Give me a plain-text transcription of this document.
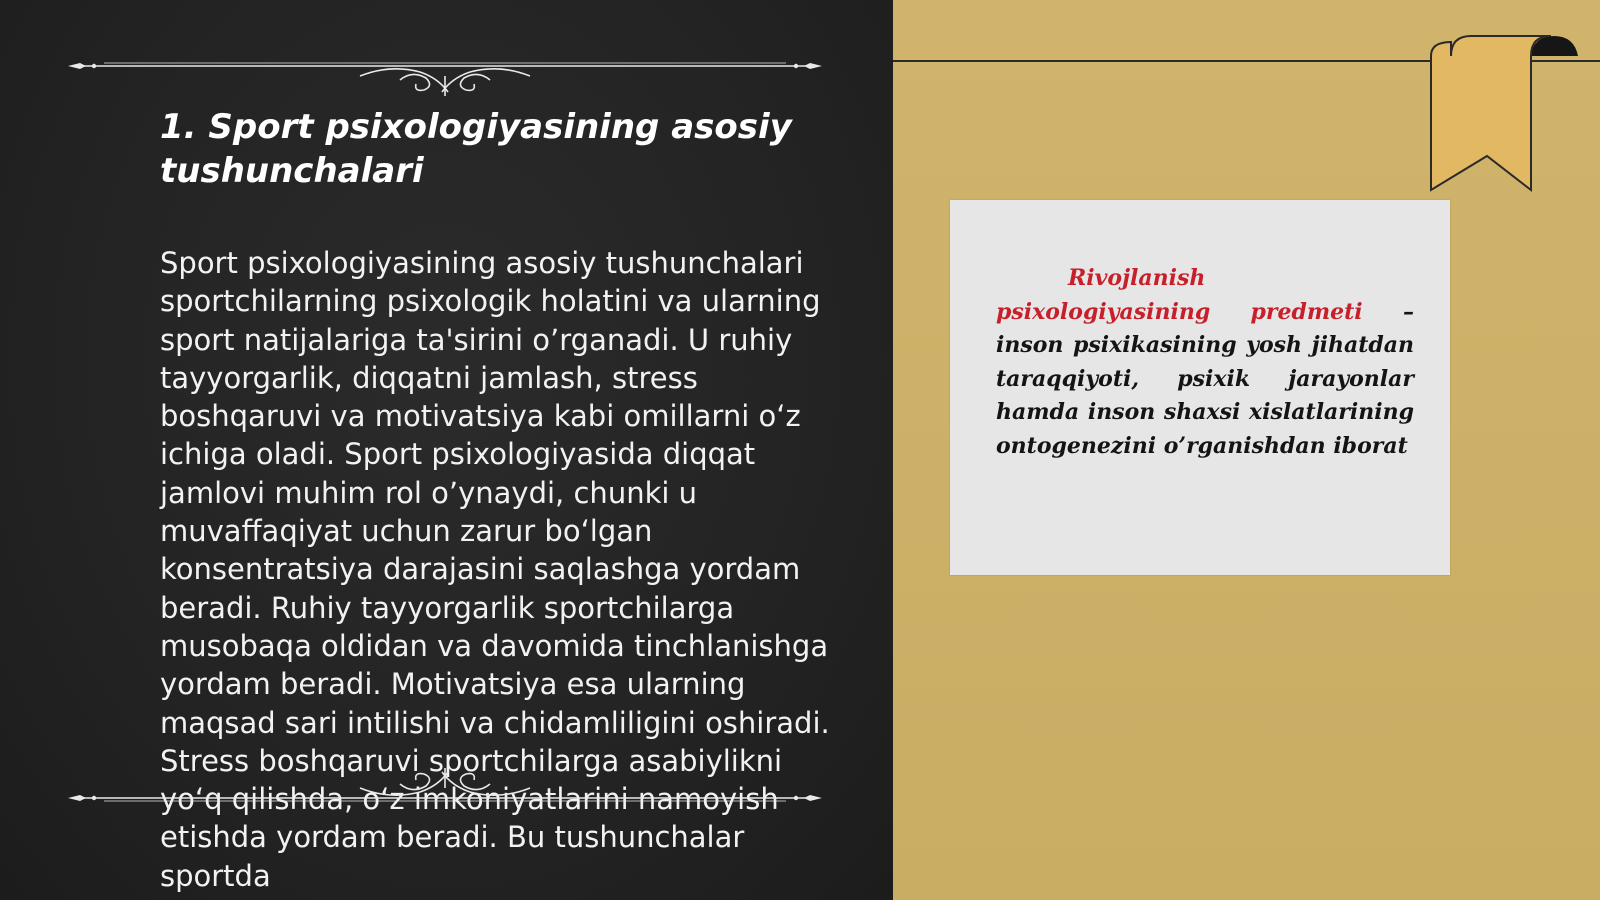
1. Sport psixologiyasining asosiy tushunchalari

Sport psixologiyasining asosiy tushunchalari sportchilarning psixologik holatini va ularning sport natijalariga ta'sirini o’rganadi. U ruhiy tayyorgarlik, diqqatni jamlash, stress boshqaruvi va motivatsiya kabi omillarni o‘z ichiga oladi. Sport psixologiyasida diqqat jamlovi muhim rol o’ynaydi, chunki u muvaffaqiyat uchun zarur bo‘lgan konsentratsiya darajasini saqlashga yordam beradi. Ruhiy tayyorgarlik sportchilarga musobaqa oldidan va davomida tinchlanishga yordam beradi. Motivatsiya esa ularning maqsad sari intilishi va chidamliligini oshiradi. Stress boshqaruvi sportchilarga asabiylikni yo‘q qilishda, o‘z imkoniyatlarini namoyish etishda yordam beradi. Bu tushunchalar sportda

Rivojlanish psixologiyasining predmeti – inson psixikasining yosh jihatdan taraqqiyoti, psixik jarayonlar hamda inson shaxsi xislatlarining ontogenezini o’rganishdan iborat
